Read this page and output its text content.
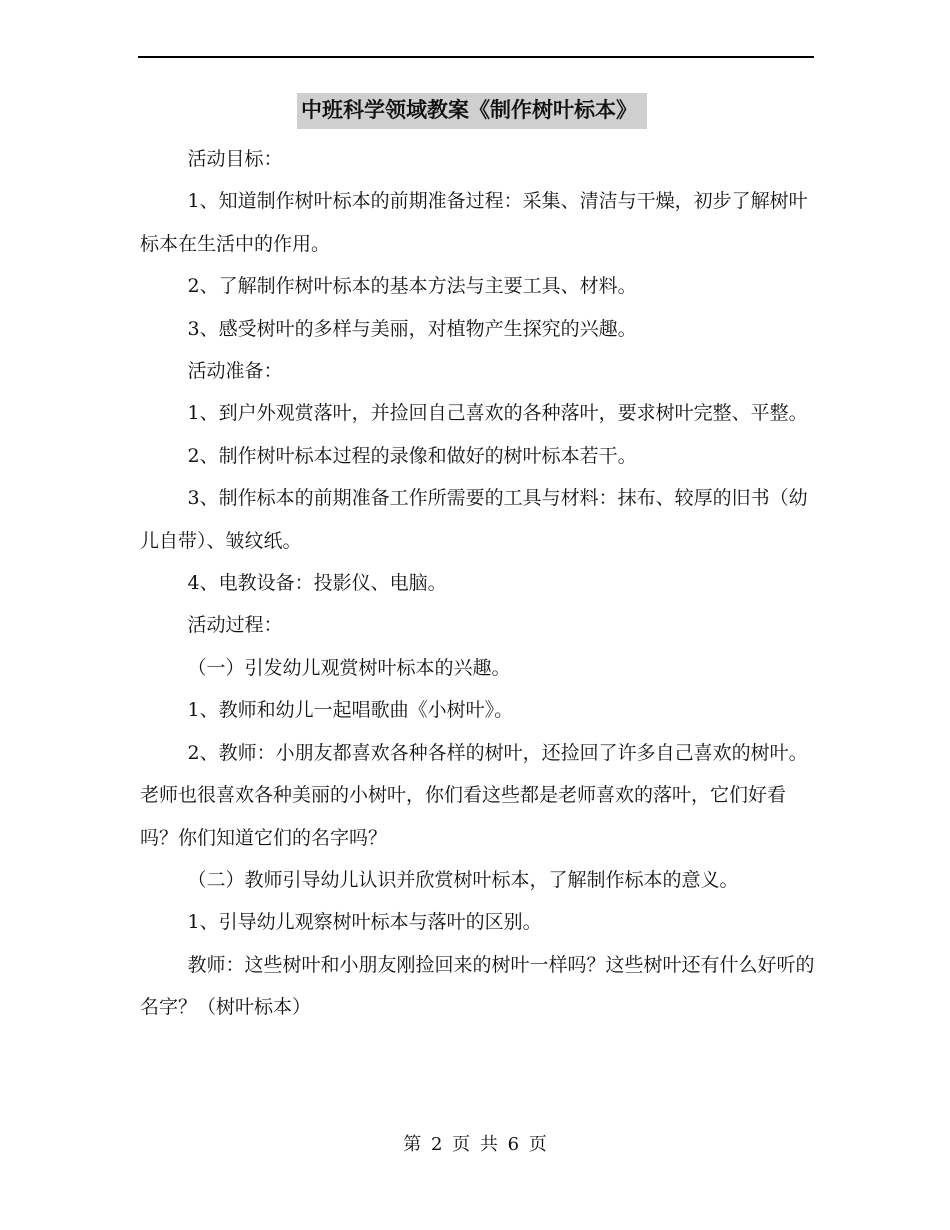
中班科学领域教案《制作树叶标本》

活动目标：

1、知道制作树叶标本的前期准备过程：采集、清洁与干燥，初步了解树叶标本在生活中的作用。

2、了解制作树叶标本的基本方法与主要工具、材料。

3、感受树叶的多样与美丽，对植物产生探究的兴趣。

活动准备：

1、到户外观赏落叶，并捡回自己喜欢的各种落叶，要求树叶完整、平整。

2、制作树叶标本过程的录像和做好的树叶标本若干。

3、制作标本的前期准备工作所需要的工具与材料：抹布、较厚的旧书（幼儿自带）、皱纹纸。

4、电教设备：投影仪、电脑。

活动过程：

（一）引发幼儿观赏树叶标本的兴趣。

1、教师和幼儿一起唱歌曲《小树叶》。

2、教师：小朋友都喜欢各种各样的树叶，还捡回了许多自己喜欢的树叶。老师也很喜欢各种美丽的小树叶，你们看这些都是老师喜欢的落叶，它们好看吗？你们知道它们的名字吗？

（二）教师引导幼儿认识并欣赏树叶标本，了解制作标本的意义。

1、引导幼儿观察树叶标本与落叶的区别。

教师：这些树叶和小朋友刚捡回来的树叶一样吗？这些树叶还有什么好听的名字？（树叶标本）

第 2 页 共 6 页
